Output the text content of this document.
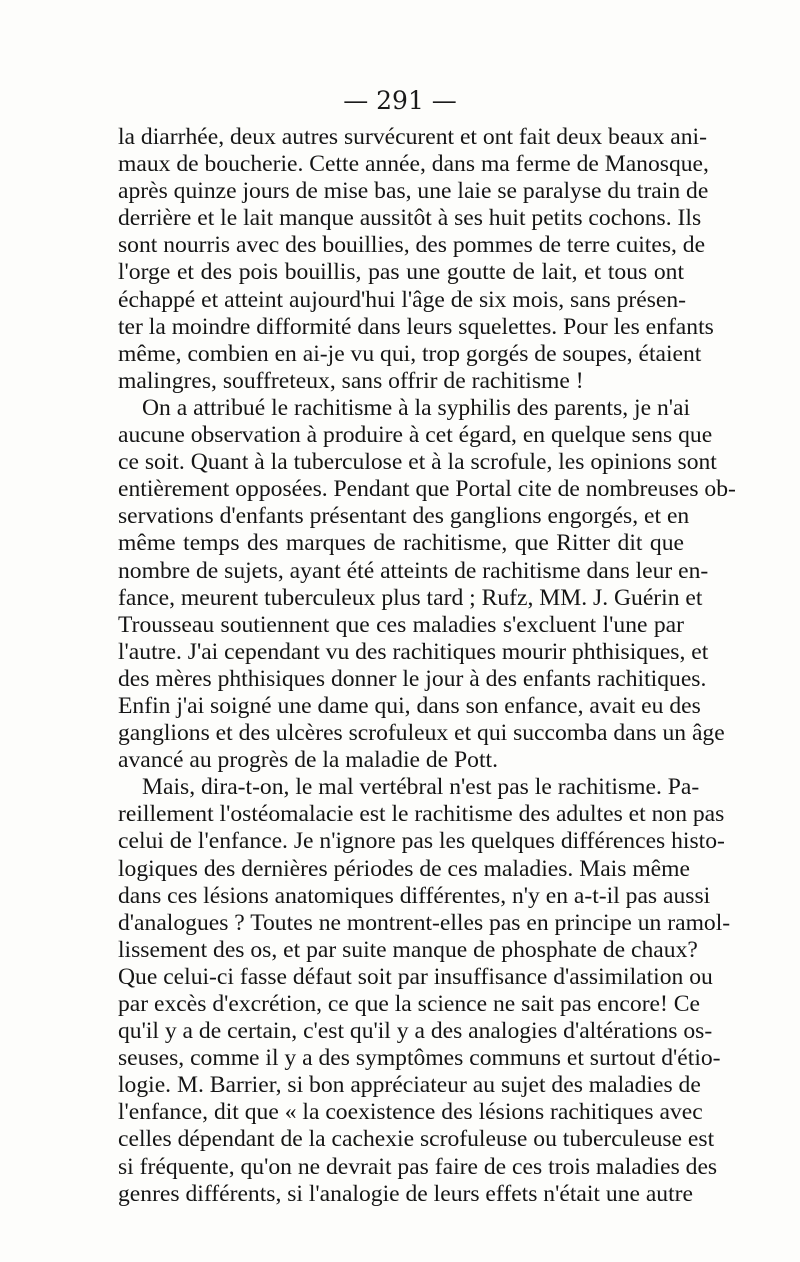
— 291 —
la diarrhée, deux autres survécurent et ont fait deux beaux ani-
maux de boucherie. Cette année, dans ma ferme de Manosque,
après quinze jours de mise bas, une laie se paralyse du train de
derrière et le lait manque aussitôt à ses huit petits cochons. Ils
sont nourris avec des bouillies, des pommes de terre cuites, de
l'orge et des pois bouillis, pas une goutte de lait, et tous ont
échappé et atteint aujourd'hui l'âge de six mois, sans présen-
ter la moindre difformité dans leurs squelettes. Pour les enfants
même, combien en ai-je vu qui, trop gorgés de soupes, étaient
malingres, souffreteux, sans offrir de rachitisme !
On a attribué le rachitisme à la syphilis des parents, je n'ai
aucune observation à produire à cet égard, en quelque sens que
ce soit. Quant à la tuberculose et à la scrofule, les opinions sont
entièrement opposées. Pendant que Portal cite de nombreuses ob-
servations d'enfants présentant des ganglions engorgés, et en
même temps des marques de rachitisme, que Ritter dit que
nombre de sujets, ayant été atteints de rachitisme dans leur en-
fance, meurent tuberculeux plus tard ; Rufz, MM. J. Guérin et
Trousseau soutiennent que ces maladies s'excluent l'une par
l'autre. J'ai cependant vu des rachitiques mourir phthisiques, et
des mères phthisiques donner le jour à des enfants rachitiques.
Enfin j'ai soigné une dame qui, dans son enfance, avait eu des
ganglions et des ulcères scrofuleux et qui succomba dans un âge
avancé au progrès de la maladie de Pott.
Mais, dira-t-on, le mal vertébral n'est pas le rachitisme. Pa-
reillement l'ostéomalacie est le rachitisme des adultes et non pas
celui de l'enfance. Je n'ignore pas les quelques différences histo-
logiques des dernières périodes de ces maladies. Mais même
dans ces lésions anatomiques différentes, n'y en a-t-il pas aussi
d'analogues ? Toutes ne montrent-elles pas en principe un ramol-
lissement des os, et par suite manque de phosphate de chaux?
Que celui-ci fasse défaut soit par insuffisance d'assimilation ou
par excès d'excrétion, ce que la science ne sait pas encore! Ce
qu'il y a de certain, c'est qu'il y a des analogies d'altérations os-
seuses, comme il y a des symptômes communs et surtout d'étio-
logie. M. Barrier, si bon appréciateur au sujet des maladies de
l'enfance, dit que « la coexistence des lésions rachitiques avec
celles dépendant de la cachexie scrofuleuse ou tuberculeuse est
si fréquente, qu'on ne devrait pas faire de ces trois maladies des
genres différents, si l'analogie de leurs effets n'était une autre
